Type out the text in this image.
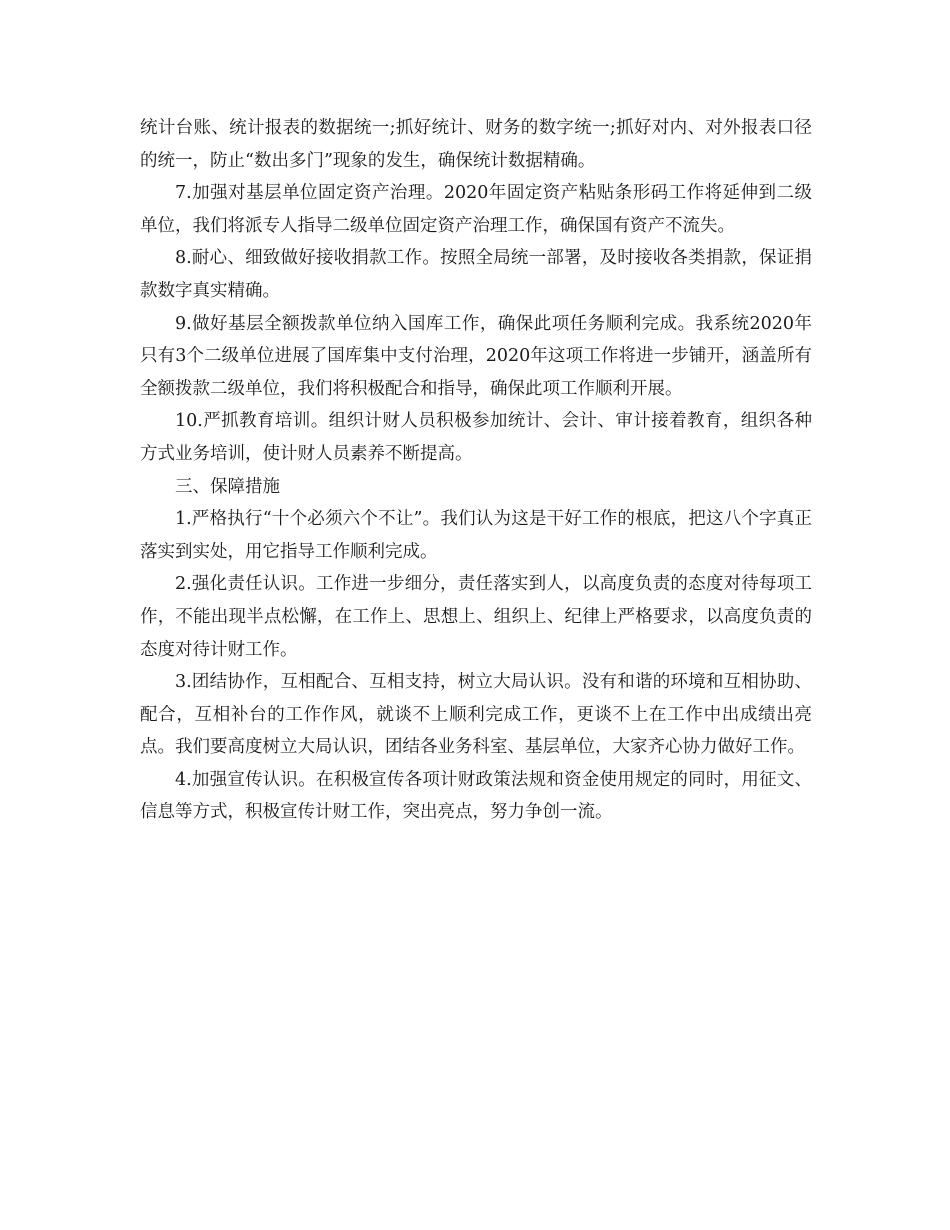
统计台账、统计报表的数据统一;抓好统计、财务的数字统一;抓好对内、对外报表口径的统一，防止“数出多门”现象的发生，确保统计数据精确。

7.加强对基层单位固定资产治理。2020年固定资产粘贴条形码工作将延伸到二级单位，我们将派专人指导二级单位固定资产治理工作，确保国有资产不流失。

8.耐心、细致做好接收捐款工作。按照全局统一部署，及时接收各类捐款，保证捐款数字真实精确。

9.做好基层全额拨款单位纳入国库工作，确保此项任务顺利完成。我系统2020年只有3个二级单位进展了国库集中支付治理，2020年这项工作将进一步铺开，涵盖所有全额拨款二级单位，我们将积极配合和指导，确保此项工作顺利开展。

10.严抓教育培训。组织计财人员积极参加统计、会计、审计接着教育，组织各种方式业务培训，使计财人员素养不断提高。

三、保障措施

1.严格执行“十个必须六个不让”。我们认为这是干好工作的根底，把这八个字真正落实到实处，用它指导工作顺利完成。

2.强化责任认识。工作进一步细分，责任落实到人，以高度负责的态度对待每项工作，不能出现半点松懈，在工作上、思想上、组织上、纪律上严格要求，以高度负责的态度对待计财工作。

3.团结协作，互相配合、互相支持，树立大局认识。没有和谐的环境和互相协助、配合，互相补台的工作作风，就谈不上顺利完成工作，更谈不上在工作中出成绩出亮点。我们要高度树立大局认识，团结各业务科室、基层单位，大家齐心协力做好工作。

4.加强宣传认识。在积极宣传各项计财政策法规和资金使用规定的同时，用征文、信息等方式，积极宣传计财工作，突出亮点，努力争创一流。
